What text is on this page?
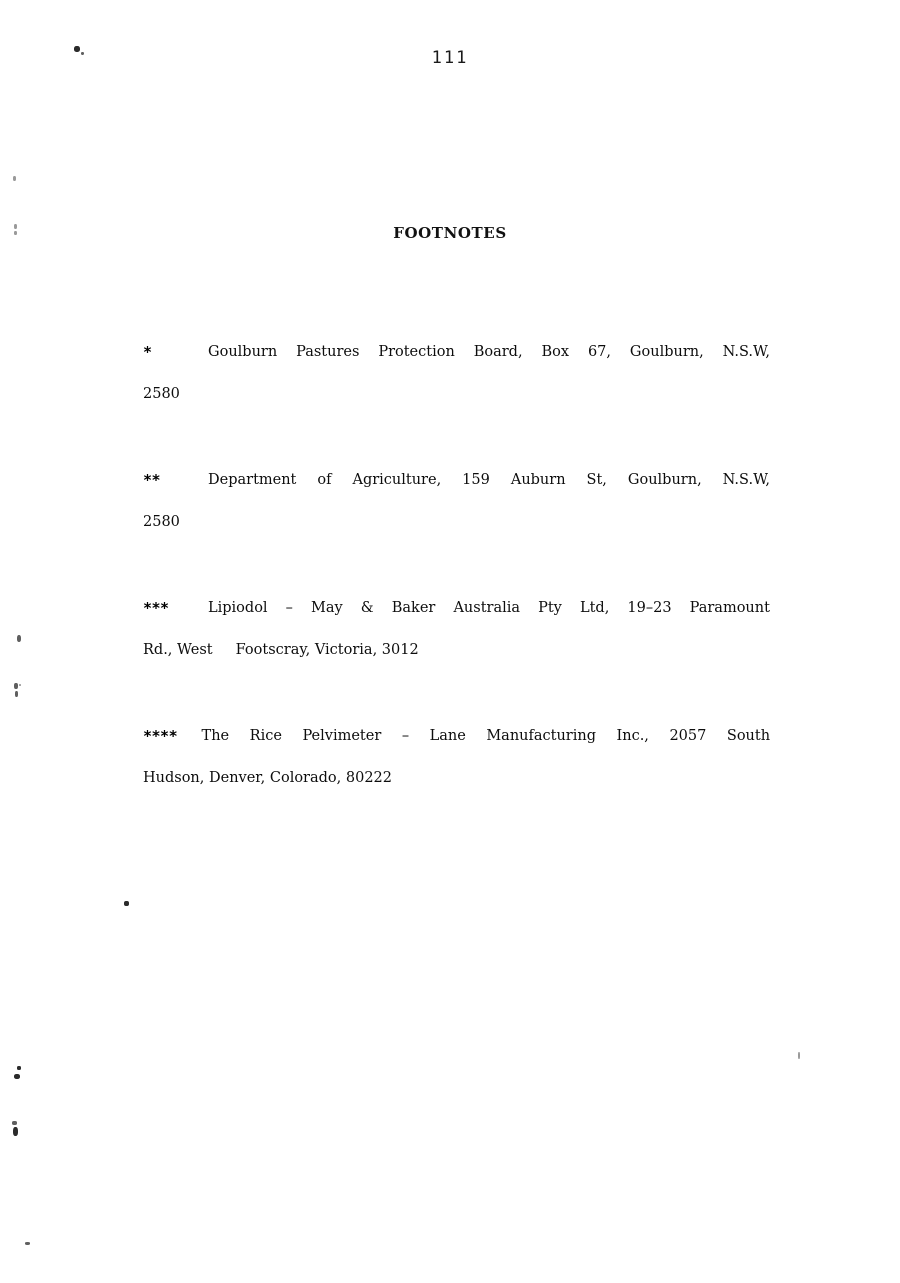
111
FOOTNOTES
*	Goulburn Pastures Protection Board, Box 67, Goulburn, N.S.W,
2580
**	Department of Agriculture, 159 Auburn St, Goulburn, N.S.W,
2580
***	Lipiodol – May & Baker Australia Pty Ltd, 19–23 Paramount
Rd., West     Footscray, Victoria, 3012
**** The Rice Pelvimeter – Lane Manufacturing Inc., 2057 South
Hudson, Denver, Colorado, 80222
